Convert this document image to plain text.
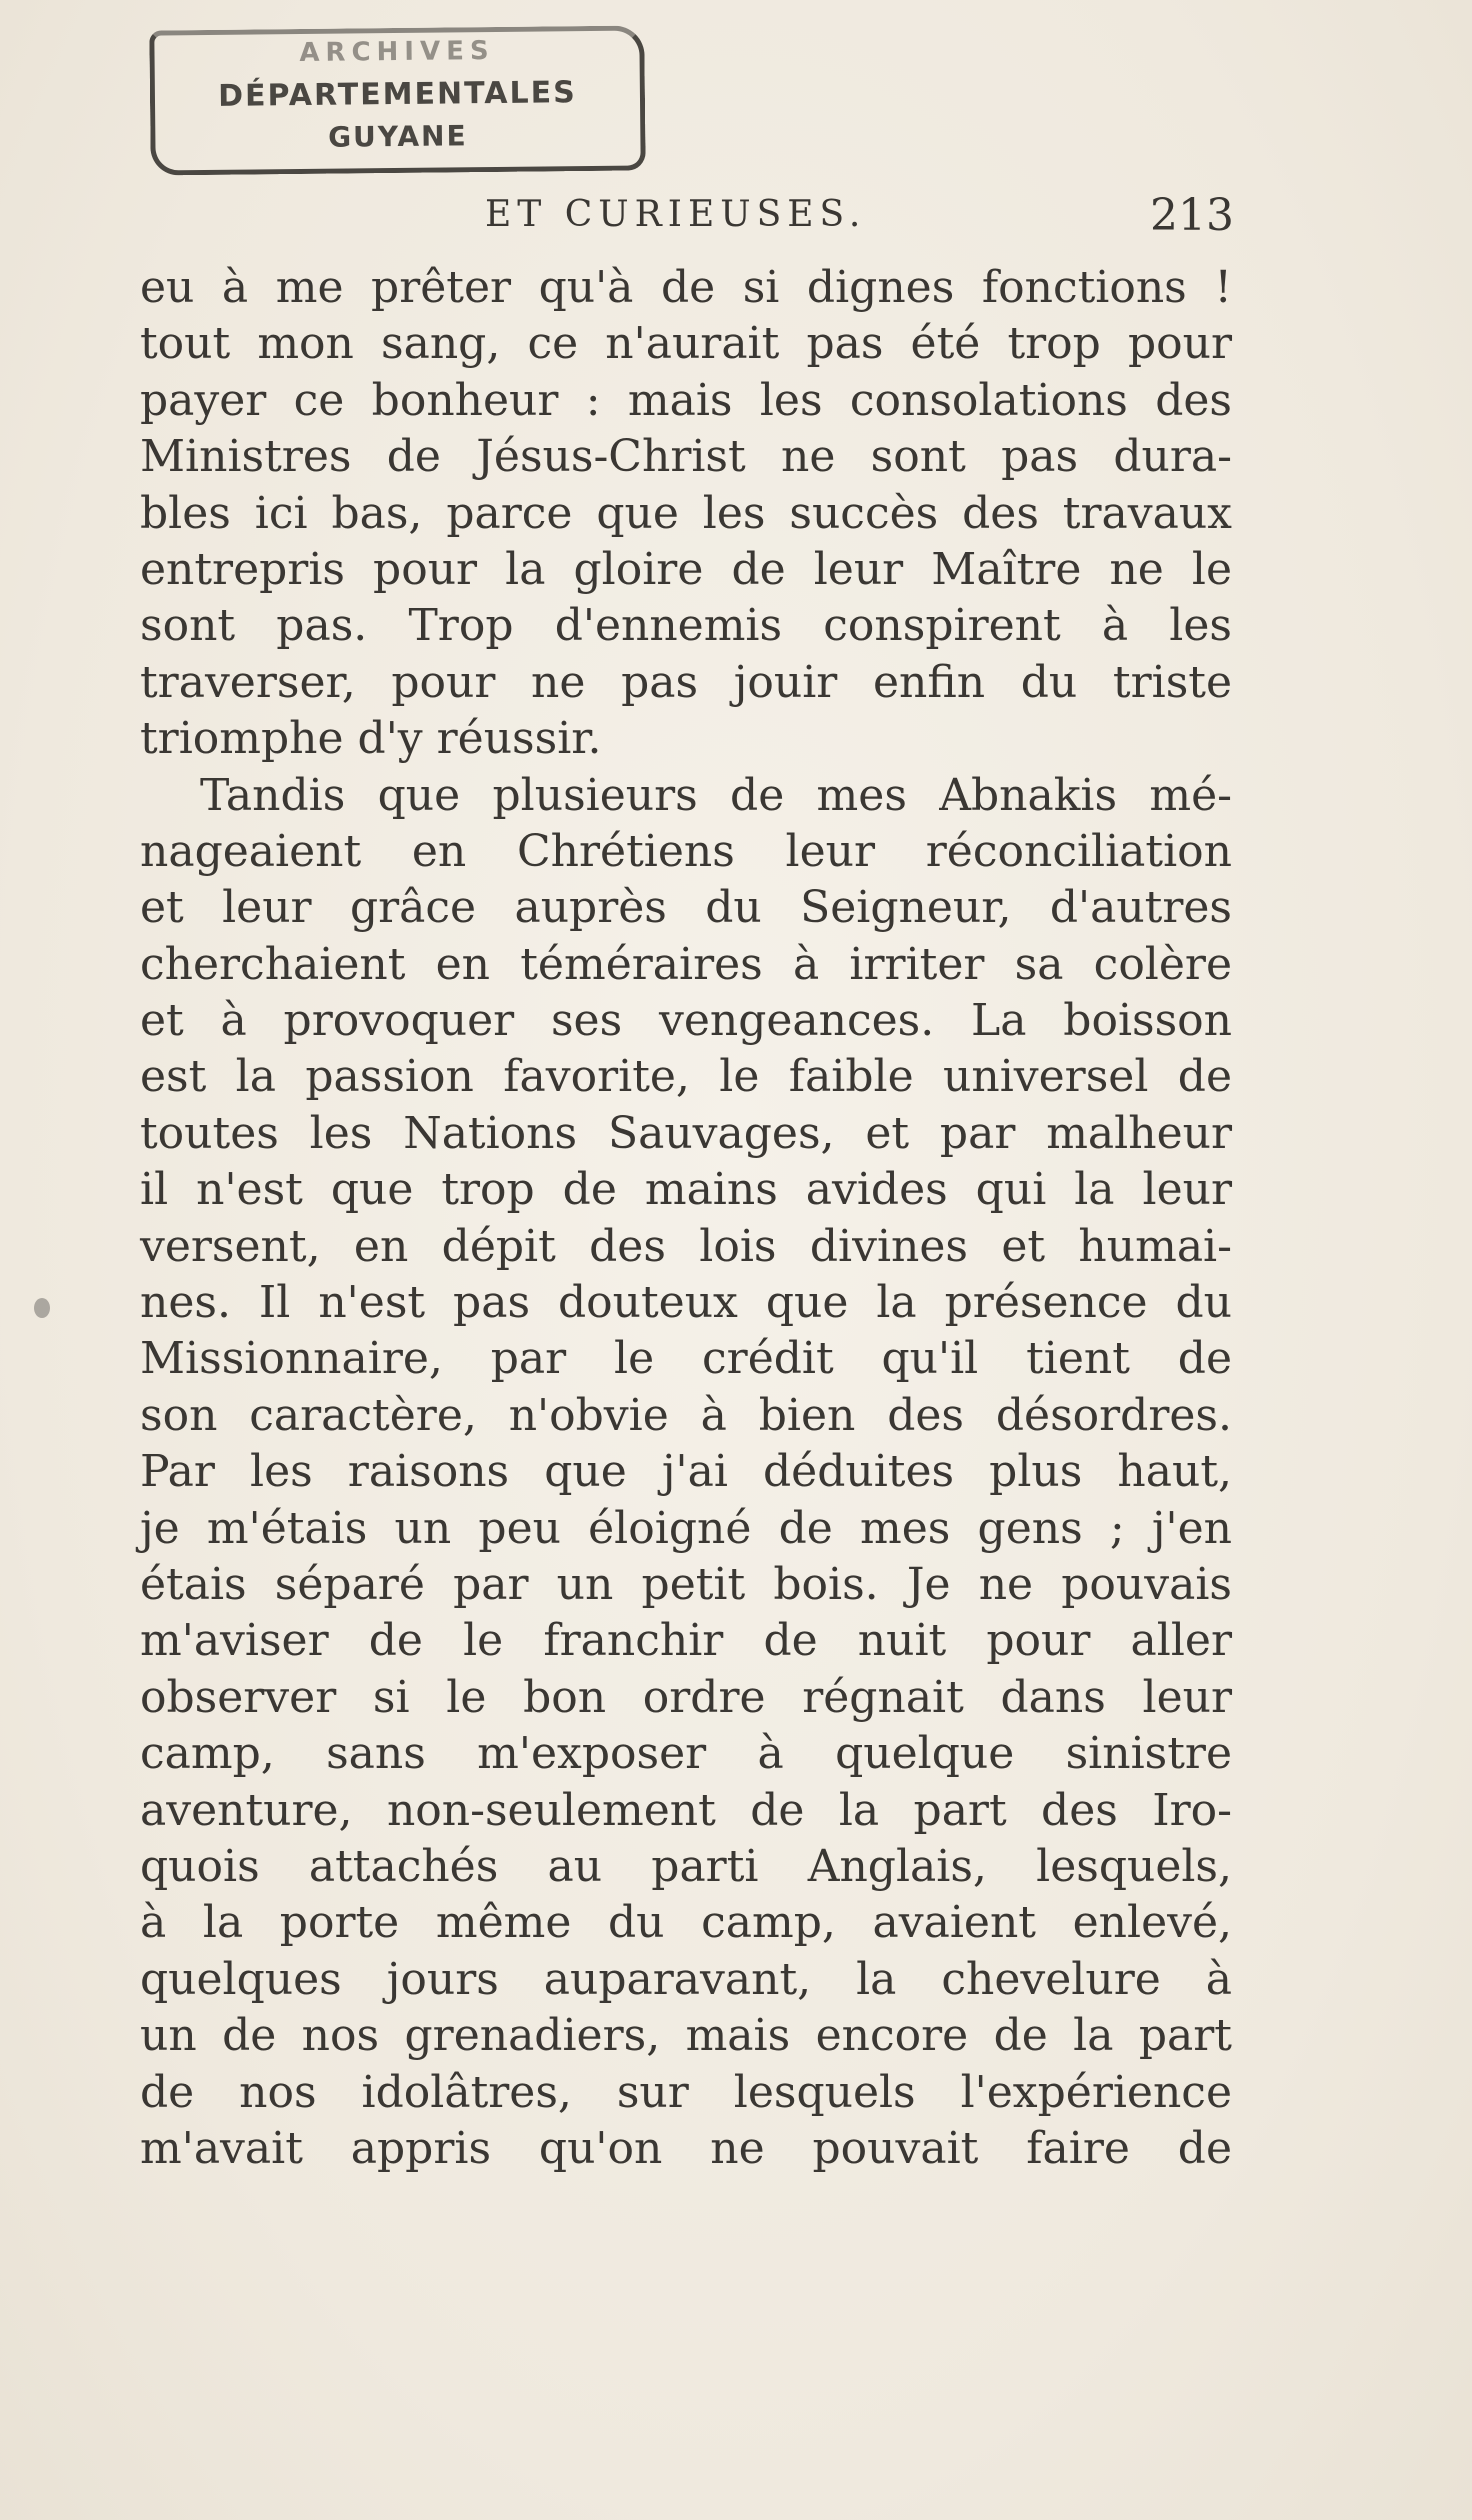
ARCHIVES
DÉPARTEMENTALES
GUYANE
ET CURIEUSES.	213
eu à me prêter qu'à de si dignes fonctions !
tout mon sang, ce n'aurait pas été trop pour
payer ce bonheur : mais les consolations des
Ministres de Jésus-Christ ne sont pas dura-
bles ici bas, parce que les succès des travaux
entrepris pour la gloire de leur Maître ne le
sont pas. Trop d'ennemis conspirent à les
traverser, pour ne pas jouir enfin du triste
triomphe d'y réussir.
Tandis que plusieurs de mes Abnakis mé-
nageaient en Chrétiens leur réconciliation
et leur grâce auprès du Seigneur, d'autres
cherchaient en téméraires à irriter sa colère
et à provoquer ses vengeances. La boisson
est la passion favorite, le faible universel de
toutes les Nations Sauvages, et par malheur
il n'est que trop de mains avides qui la leur
versent, en dépit des lois divines et humai-
nes. Il n'est pas douteux que la présence du
Missionnaire, par le crédit qu'il tient de
son caractère, n'obvie à bien des désordres.
Par les raisons que j'ai déduites plus haut,
je m'étais un peu éloigné de mes gens ; j'en
étais séparé par un petit bois. Je ne pouvais
m'aviser de le franchir de nuit pour aller
observer si le bon ordre régnait dans leur
camp, sans m'exposer à quelque sinistre
aventure, non-seulement de la part des Iro-
quois attachés au parti Anglais, lesquels,
à la porte même du camp, avaient enlevé,
quelques jours auparavant, la chevelure à
un de nos grenadiers, mais encore de la part
de nos idolâtres, sur lesquels l'expérience
m'avait appris qu'on ne pouvait faire de
